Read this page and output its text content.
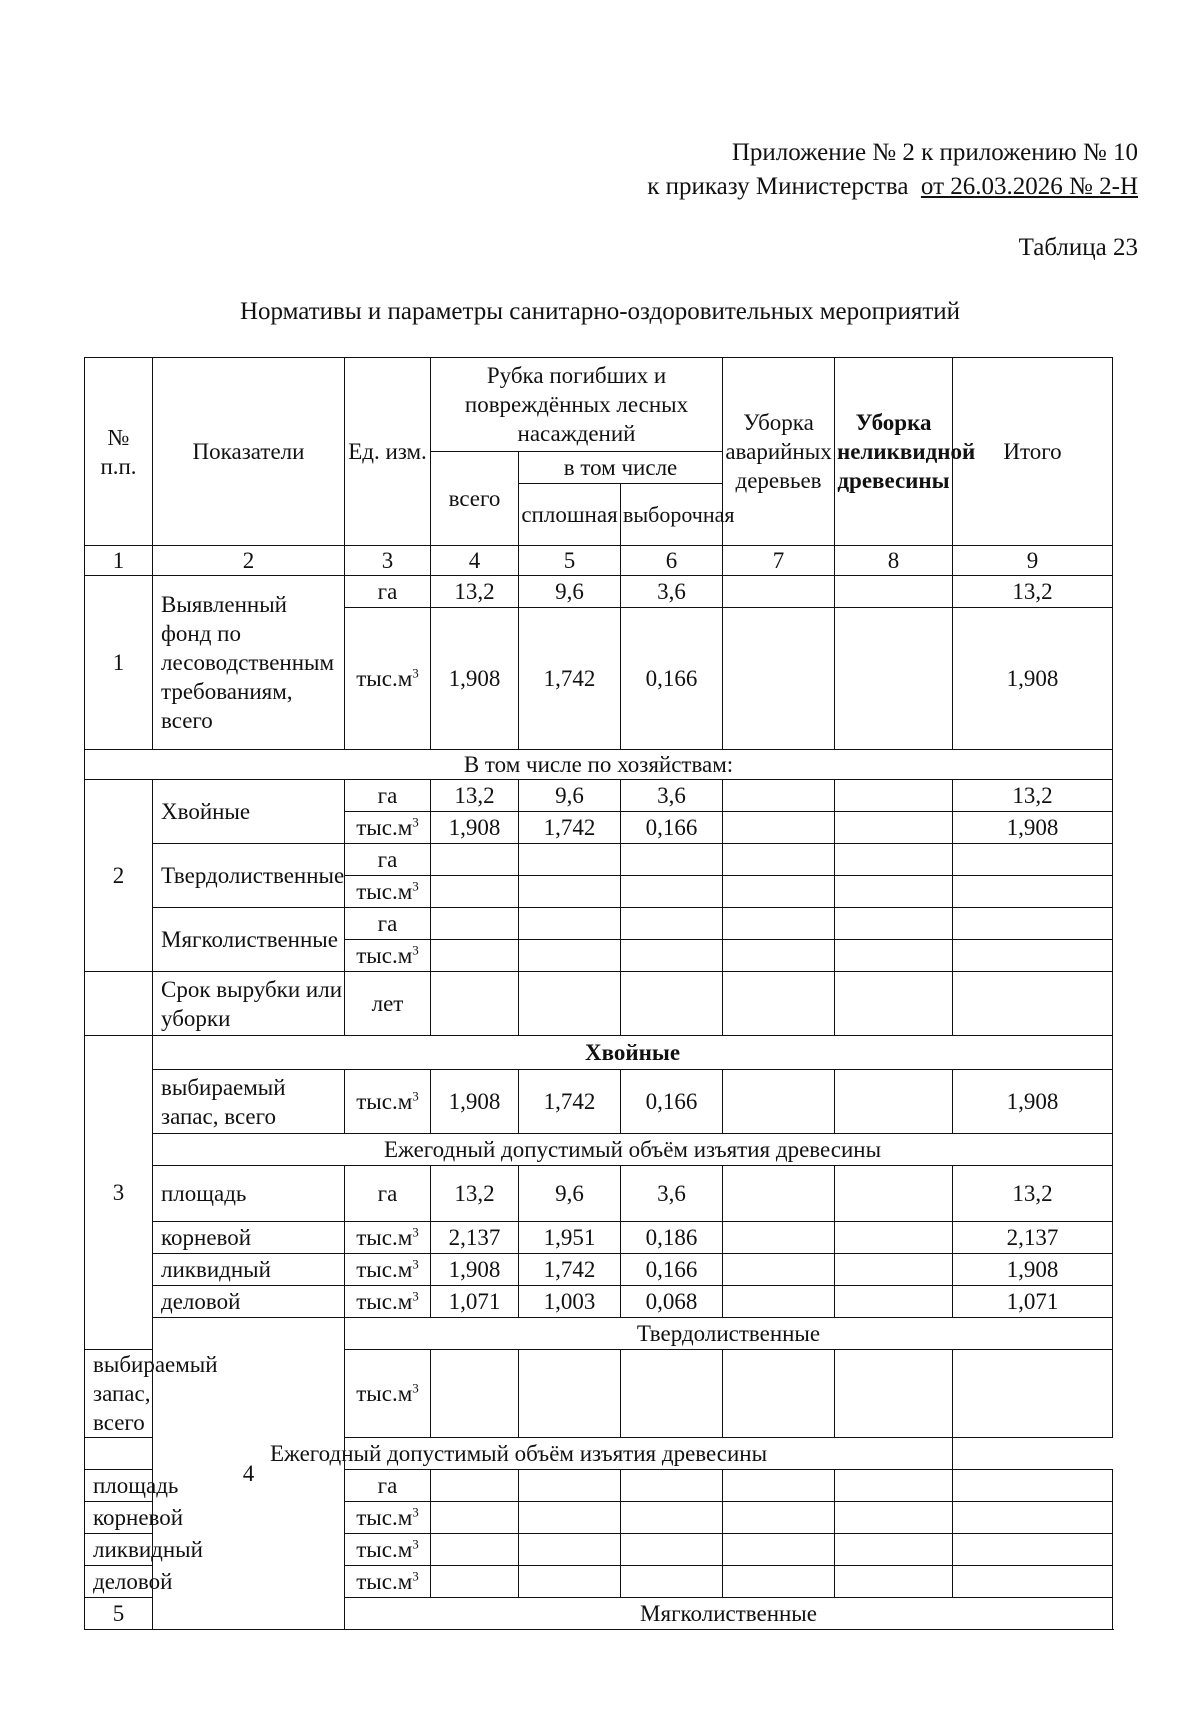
Приложение № 2 к приложению № 10
к приказу Министерства от 26.03.2026 № 2-Н
Таблица 23
Нормативы и параметры санитарно-оздоровительных мероприятий
№ п.п.	Показатели	Ед. изм.	Рубка погибших и повреждённых лесных насаждений			Уборка аварийных деревьев	Уборка неликвидной древесины	Итого
			всего	в том числе				
				сплошная	выборочная			
1	2	3	4	5	6	7	8	9
1	Выявленный фонд по лесоводственным требованиям, всего	га	13,2	9,6	3,6			13,2
		$тыс.м^3$	1,908	1,742	0,166			1,908
В том числе по хозяйствам:								
2	Хвойные	га	13,2	9,6	3,6			13,2
		$тыс.м^3$	1,908	1,742	0,166			1,908
	Твердолиственные	га						
		$тыс.м^3$						
	Мягколиственные	га						
		$тыс.м^3$						
	Срок вырубки или уборки	лет						
3	Хвойные							
	выбираемый запас, всего	$тыс.м^3$	1,908	1,742	0,166			1,908
	Ежегодный допустимый объём изъятия древесины							
	площадь	га	13,2	9,6	3,6			13,2
	корневой	$тыс.м^3$	2,137	1,951	0,186			2,137
	ликвидный	$тыс.м^3$	1,908	1,742	0,166			1,908
	деловой	$тыс.м^3$	1,071	1,003	0,068			1,071
	4	Твердолиственные						
выбираемый запас, всего		$тыс.м^3$						
Ежегодный допустимый объём изъятия древесины								
площадь		га						
корневой		$тыс.м^3$						
ликвидный		$тыс.м^3$						
деловой		$тыс.м^3$						
5		Мягколиственные						
